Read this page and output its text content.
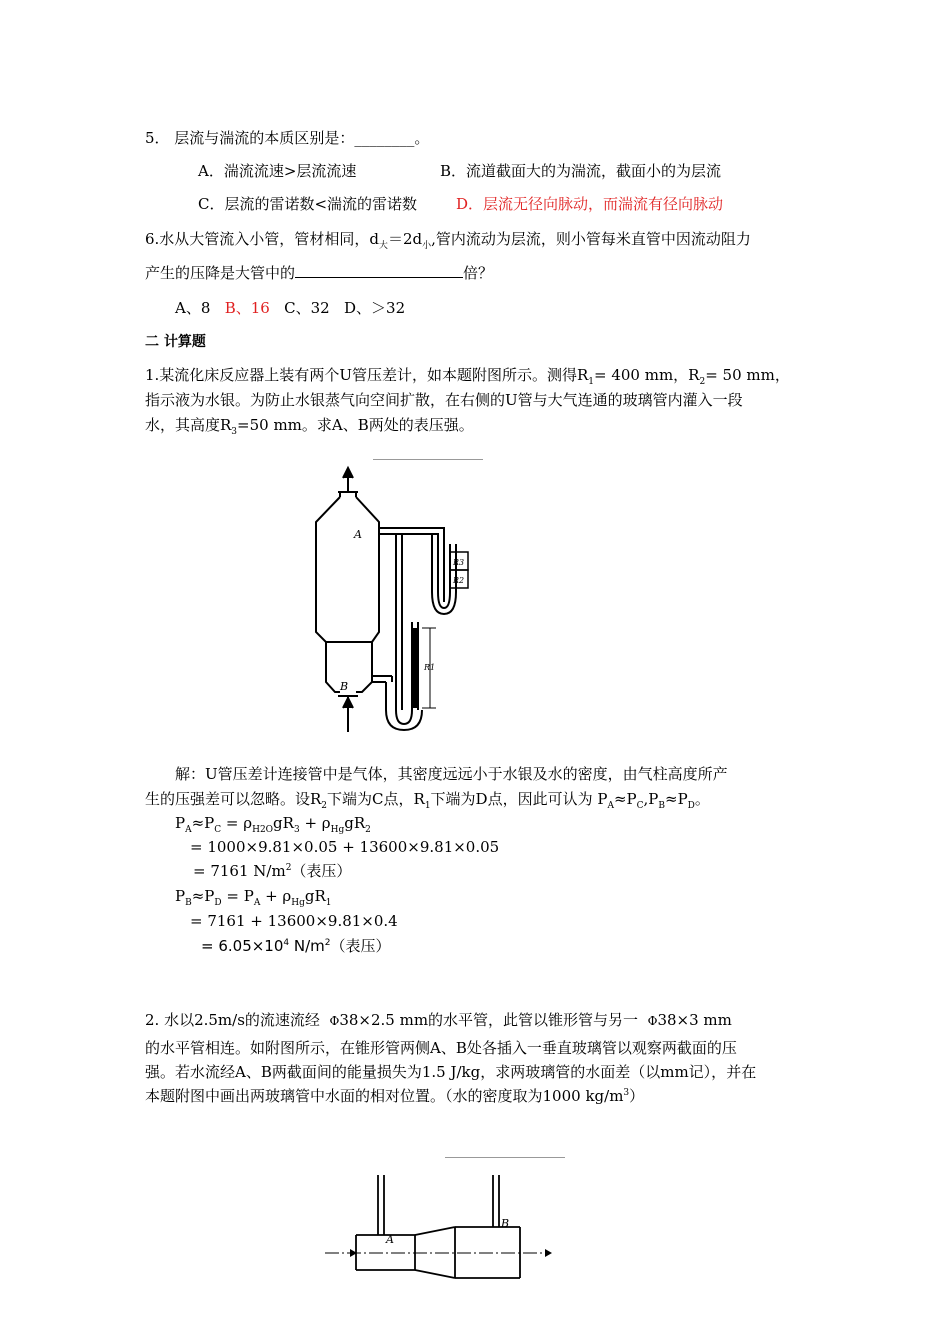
5． 层流与湍流的本质区别是：________。
A．湍流流速>层流流速	B．流道截面大的为湍流，截面小的为层流
C．层流的雷诺数<湍流的雷诺数	D．层流无径向脉动，而湍流有径向脉动
6.水从大管流入小管，管材相同，$d_大=2d_小$,管内流动为层流，则小管每米直管中因流动阻力
产生的压降是大管中的	倍？
A、8 B、16 C、32 D、＞32
二 计算题
1.某流化床反应器上装有两个U管压差计，如本题附图所示。测得$R_1= 400$ mm，$R_2= 50$ mm，
指示液为水银。为防止水银蒸气向空间扩散，在右侧的U管与大气连通的玻璃管内灌入一段
水，其高度$R_3=50$ mm。求A、B两处的表压强。
A
B
R1
R3
R2
解：U管压差计连接管中是气体，其密度远远小于水银及水的密度，由气柱高度所产
生的压强差可以忽略。设$R_2$下端为C点，$R_1$下端为D点，因此可认为 $P_A\approx P_C,P_B\approx P_D$。
$P_A\approx P_C = \rho_{H2O}gR_3 + \rho_{Hg}gR_2$
= 1000×9.81×0.05 + 13600×9.81×0.05
= 7161 $N/m^2$（表压）
$P_B\approx P_D = P_A + \rho_{Hg}gR_1$
= 7161 + 13600×9.81×0.4
= $6.05\times 10^4$ $N/m^2$（表压）
2. 水以2.5m/s的流速流经 Φ38×2.5 mm的水平管，此管以锥形管与另一 Φ38×3 mm
的水平管相连。如附图所示，在锥形管两侧A、B处各插入一垂直玻璃管以观察两截面的压
强。若水流经A、B两截面间的能量损失为1.5 J/kg，求两玻璃管的水面差（以mm记），并在
本题附图中画出两玻璃管中水面的相对位置。（水的密度取为1000 $kg/m^3$）
A
B
